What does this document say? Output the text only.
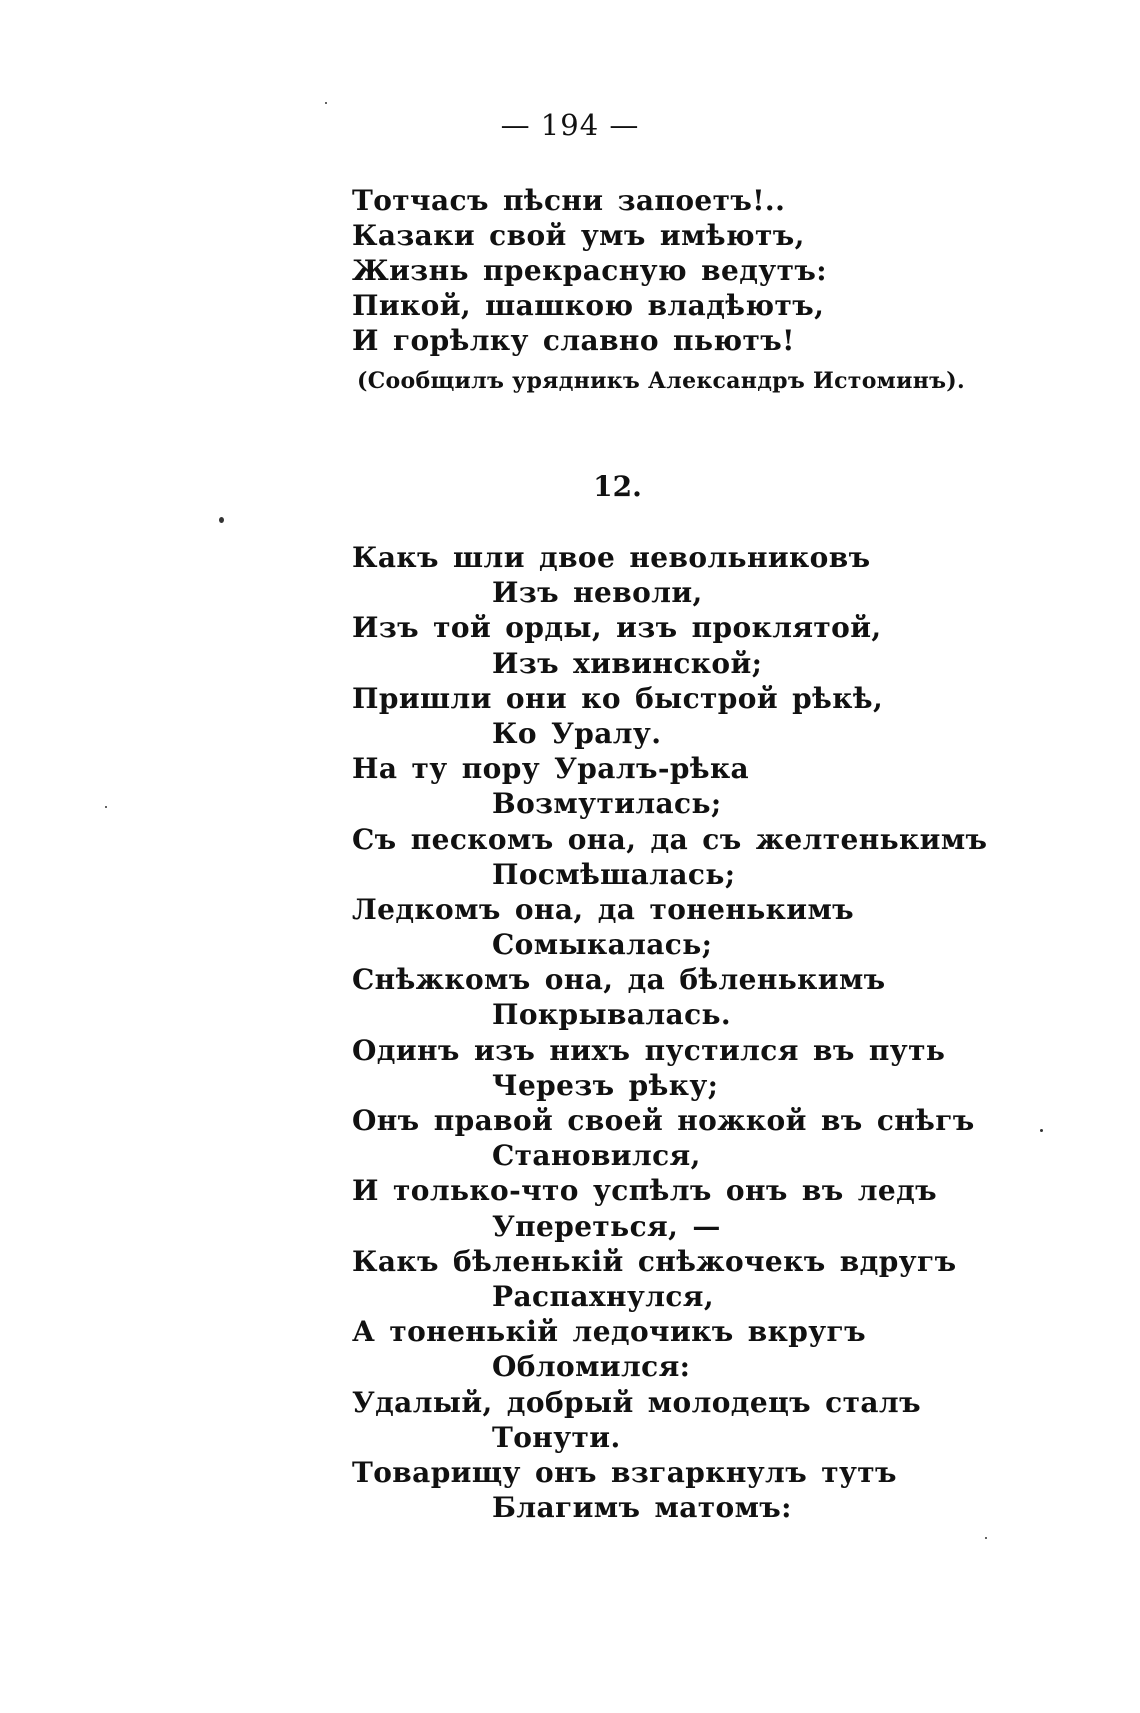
— 194 —
Тотчасъ пѣсни запоетъ!..
Казаки свой умъ имѣютъ,
Жизнь прекрасную ведутъ:
Пикой, шашкою владѣютъ,
И горѣлку славно пьютъ!
(Сообщилъ урядникъ Александръ Истоминъ).
12.
Какъ шли двое невольниковъ
Изъ неволи,
Изъ той орды, изъ проклятой,
Изъ хивинской;
Пришли они ко быстрой рѣкѣ,
Ко Уралу.
На ту пору Уралъ-рѣка
Возмутилась;
Съ пескомъ она, да съ желтенькимъ
Посмѣшалась;
Ледкомъ она, да тоненькимъ
Сомыкалась;
Снѣжкомъ она, да бѣленькимъ
Покрывалась.
Одинъ изъ нихъ пустился въ путь
Черезъ рѣку;
Онъ правой своей ножкой въ снѣгъ
Становился,
И только-что успѣлъ онъ въ ледъ
Упереться, —
Какъ бѣленькій снѣжочекъ вдругъ
Распахнулся,
А тоненькій ледочикъ вкругъ
Обломился:
Удалый, добрый молодецъ сталъ
Тонути.
Товарищу онъ взгаркнулъ тутъ
Благимъ матомъ:
